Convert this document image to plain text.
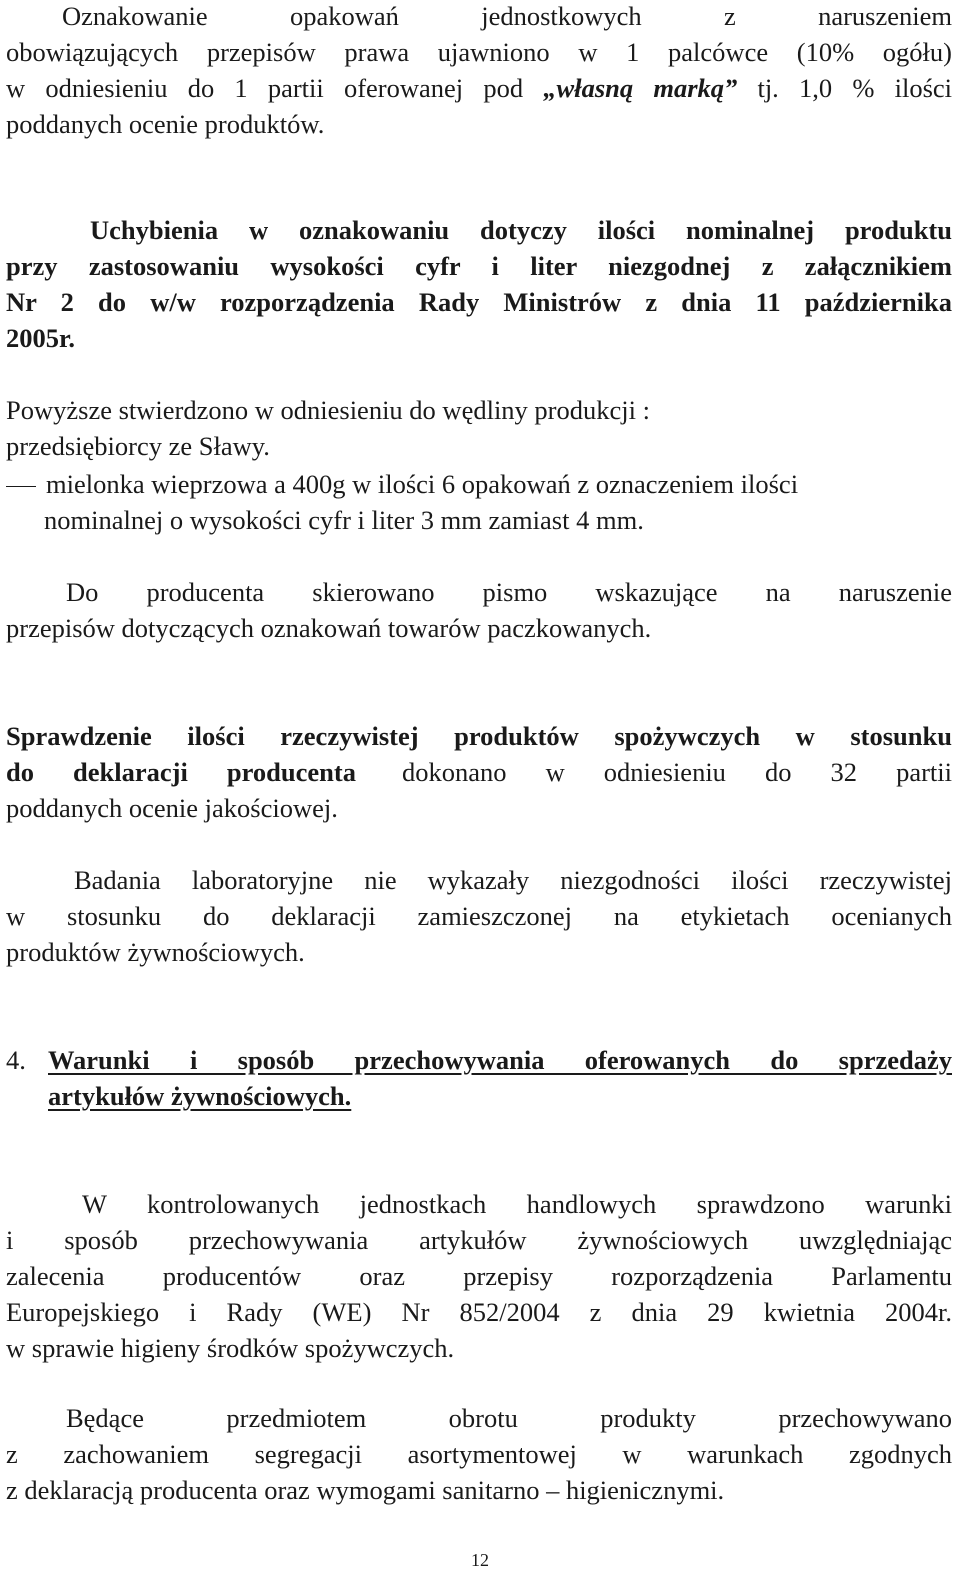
Oznakowanie opakowań jednostkowych z naruszeniem
obowiązujących przepisów prawa ujawniono w 1 palcówce (10% ogółu)
w odniesieniu do 1 partii oferowanej pod „własną marką” tj. 1,0 % ilości
poddanych ocenie produktów.
Uchybienia w oznakowaniu dotyczy ilości nominalnej produktu
przy zastosowaniu wysokości cyfr i liter niezgodnej z załącznikiem
Nr 2 do w/w rozporządzenia Rady Ministrów z dnia 11 października
2005r.
Powyższe stwierdzono w odniesieniu do wędliny produkcji :
przedsiębiorcy ze Sławy.
mielonka wieprzowa a 400g w ilości 6 opakowań z oznaczeniem ilości
nominalnej o wysokości cyfr i liter 3 mm zamiast 4 mm.
Do producenta skierowano pismo wskazujące na naruszenie
przepisów dotyczących oznakowań towarów paczkowanych.
Sprawdzenie ilości rzeczywistej produktów spożywczych w stosunku
do deklaracji producenta dokonano w odniesieniu do 32 partii
poddanych ocenie jakościowej.
Badania laboratoryjne nie wykazały niezgodności ilości rzeczywistej
w stosunku do deklaracji zamieszczonej na etykietach ocenianych
produktów żywnościowych.
4. Warunki i sposób przechowywania oferowanych do sprzedaży
artykułów żywnościowych.
W kontrolowanych jednostkach handlowych sprawdzono warunki
i sposób przechowywania artykułów żywnościowych uwzględniając
zalecenia producentów oraz przepisy rozporządzenia Parlamentu
Europejskiego i Rady (WE) Nr 852/2004 z dnia 29 kwietnia 2004r.
w sprawie higieny środków spożywczych.
Będące przedmiotem obrotu produkty przechowywano
z zachowaniem segregacji asortymentowej w warunkach zgodnych
z deklaracją producenta oraz wymogami sanitarno – higienicznymi.
12
